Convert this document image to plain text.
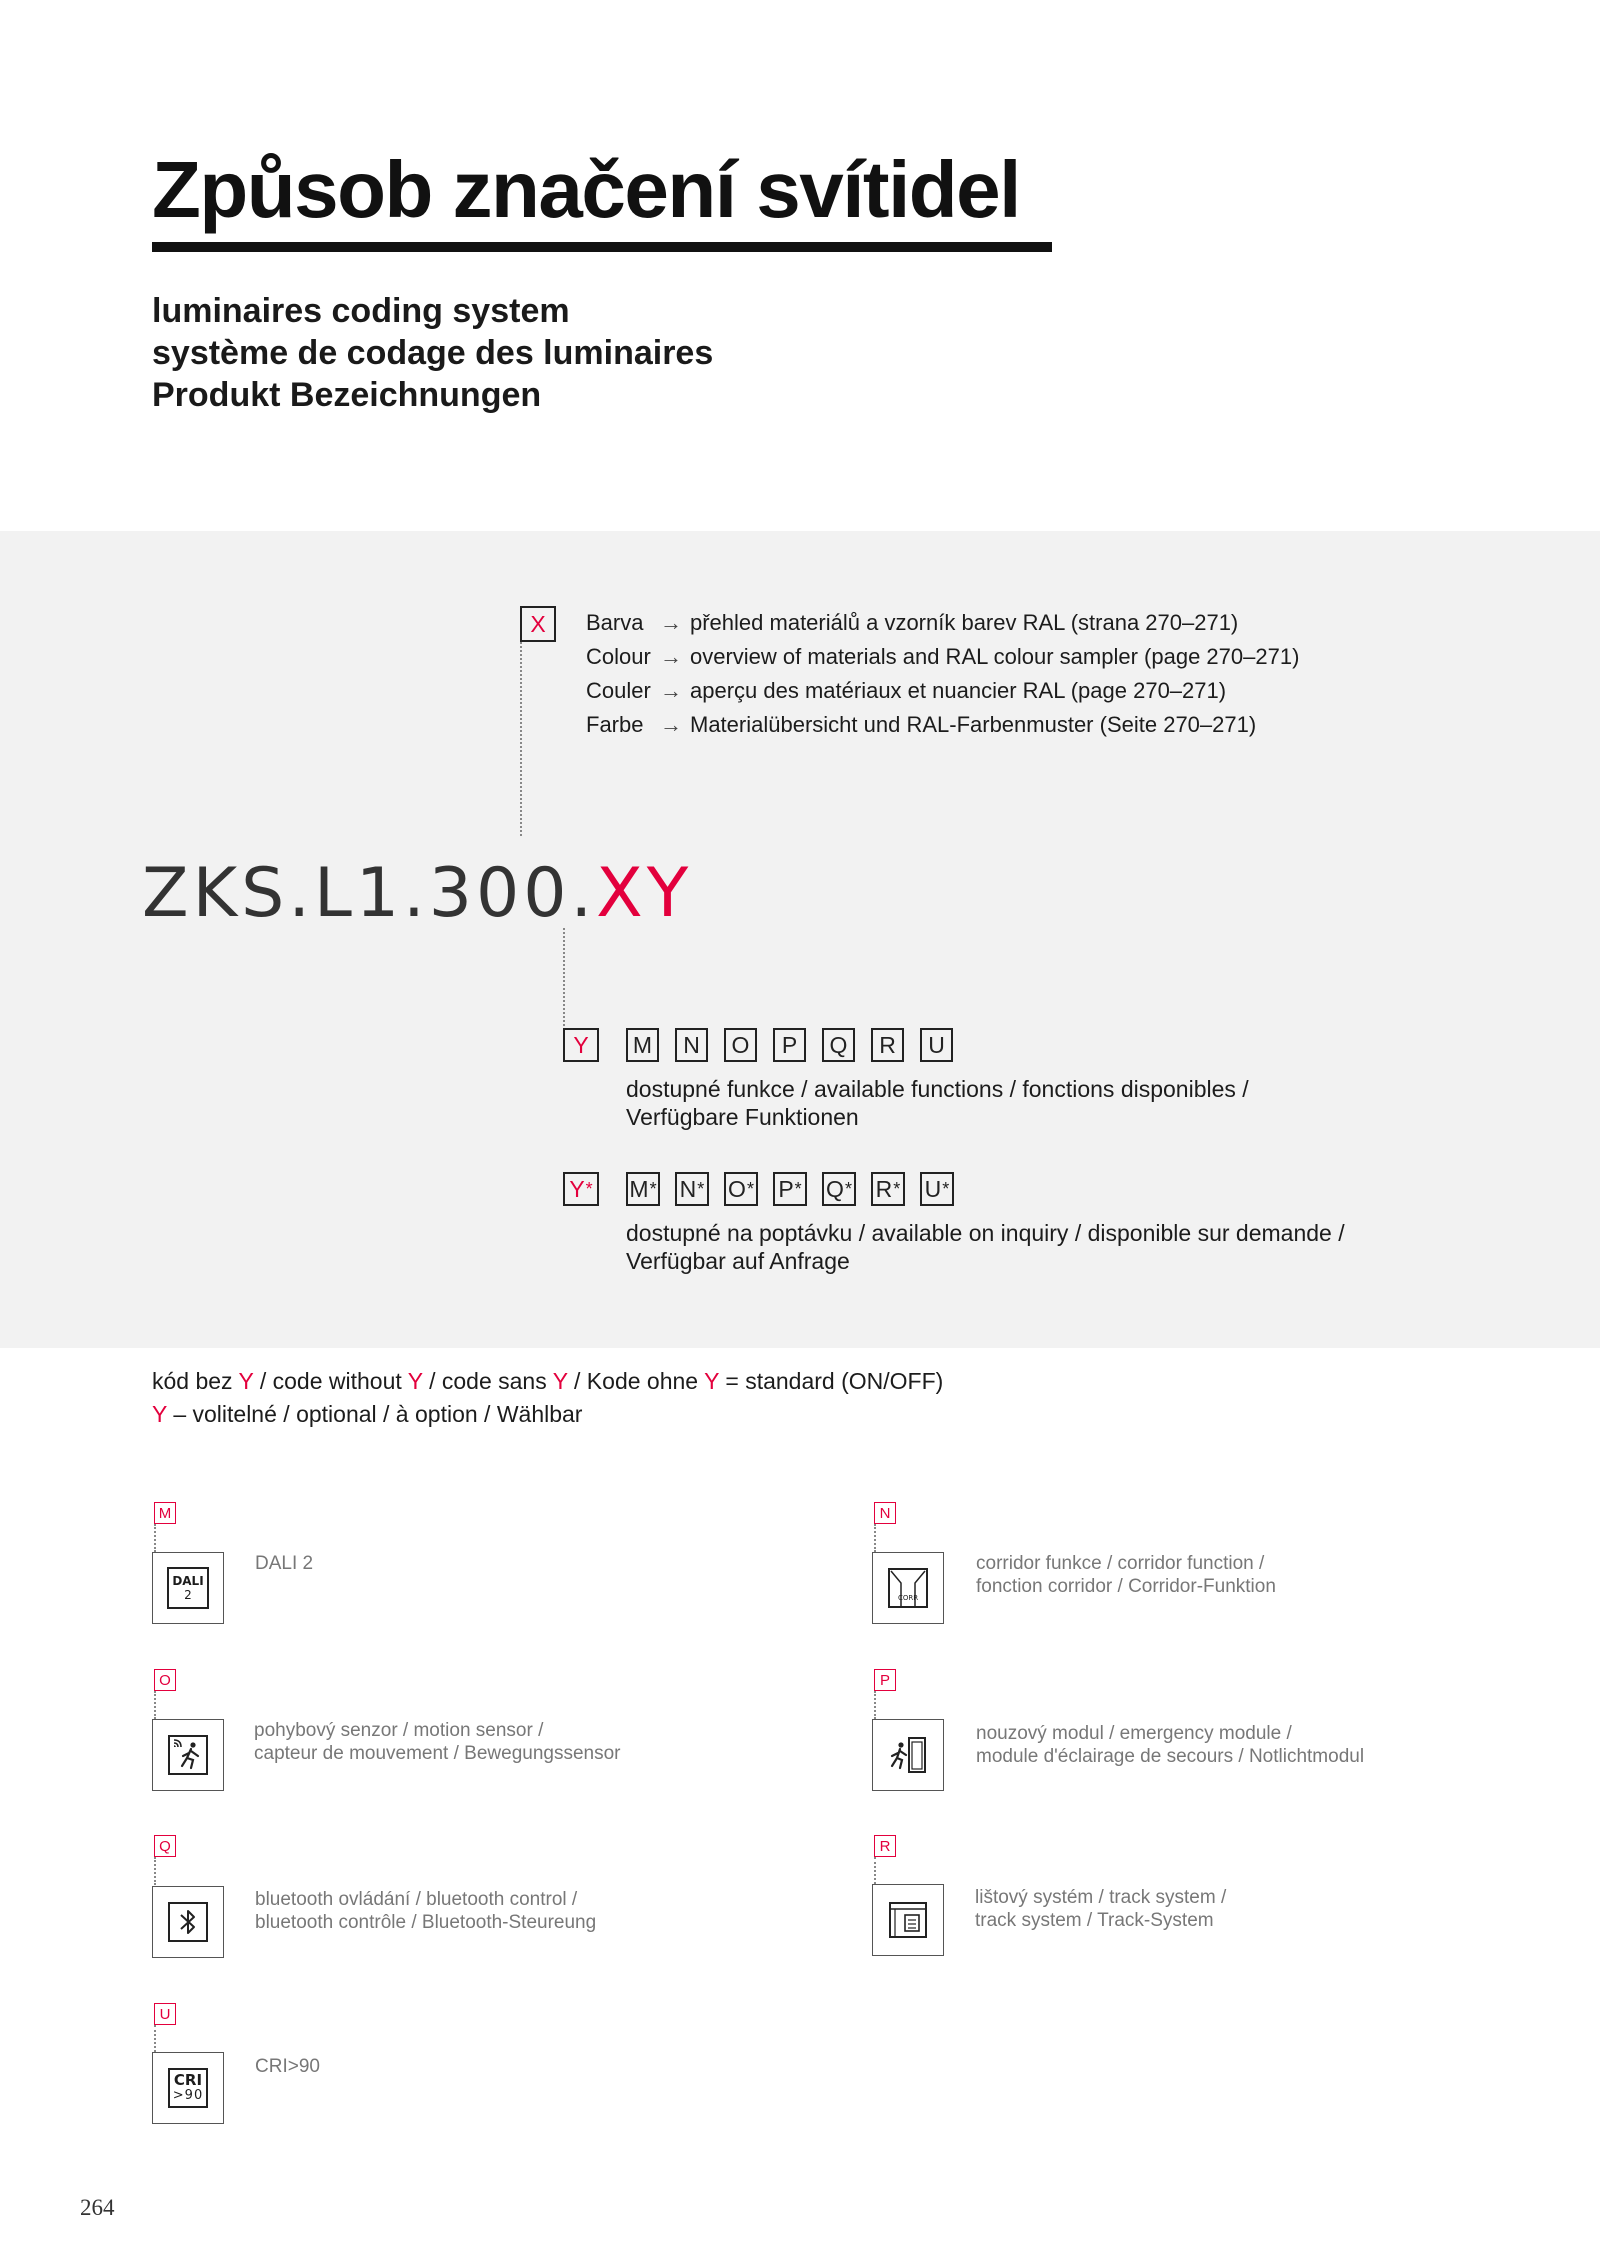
Způsob značení svítidel
luminaires coding system
système de codage des luminaires
Produkt Bezeichnungen
X	Barva → přehled materiálů a vzorník barev RAL (strana 270–271)
Colour → overview of materials and RAL colour sampler (page 270–271)
Couler → aperçu des matériaux et nuancier RAL (page 270–271)
Farbe → Materialübersicht und RAL-Farbenmuster (Seite 270–271)
ZKS.L1.300.XY
Y	M	N	O	P	Q	R	U
dostupné funkce / available functions / fonctions disponibles /
Verfügbare Funktionen
Y * M * N * O * P * Q * R * U *
dostupné na poptávku / available on inquiry / disponible sur demande /
Verfügbar auf Anfrage
kód bez Y / code without Y / code sans Y / Kode ohne Y = standard (ON/OFF)
Y – volitelné / optional / à option / Wählbar
M
DALI
2
DALI 2
N
CORR
corridor funkce / corridor function /
fonction corridor / Corridor-Funktion
O
pohybový senzor / motion sensor /
capteur de mouvement / Bewegungssensor
P
nouzový modul / emergency module /
module d'éclairage de secours / Notlichtmodul
Q
bluetooth ovládání / bluetooth control /
bluetooth contrôle / Bluetooth-Steureung
R
lištový systém / track system /
track system / Track-System
U
CRI
>90
CRI>90
264
